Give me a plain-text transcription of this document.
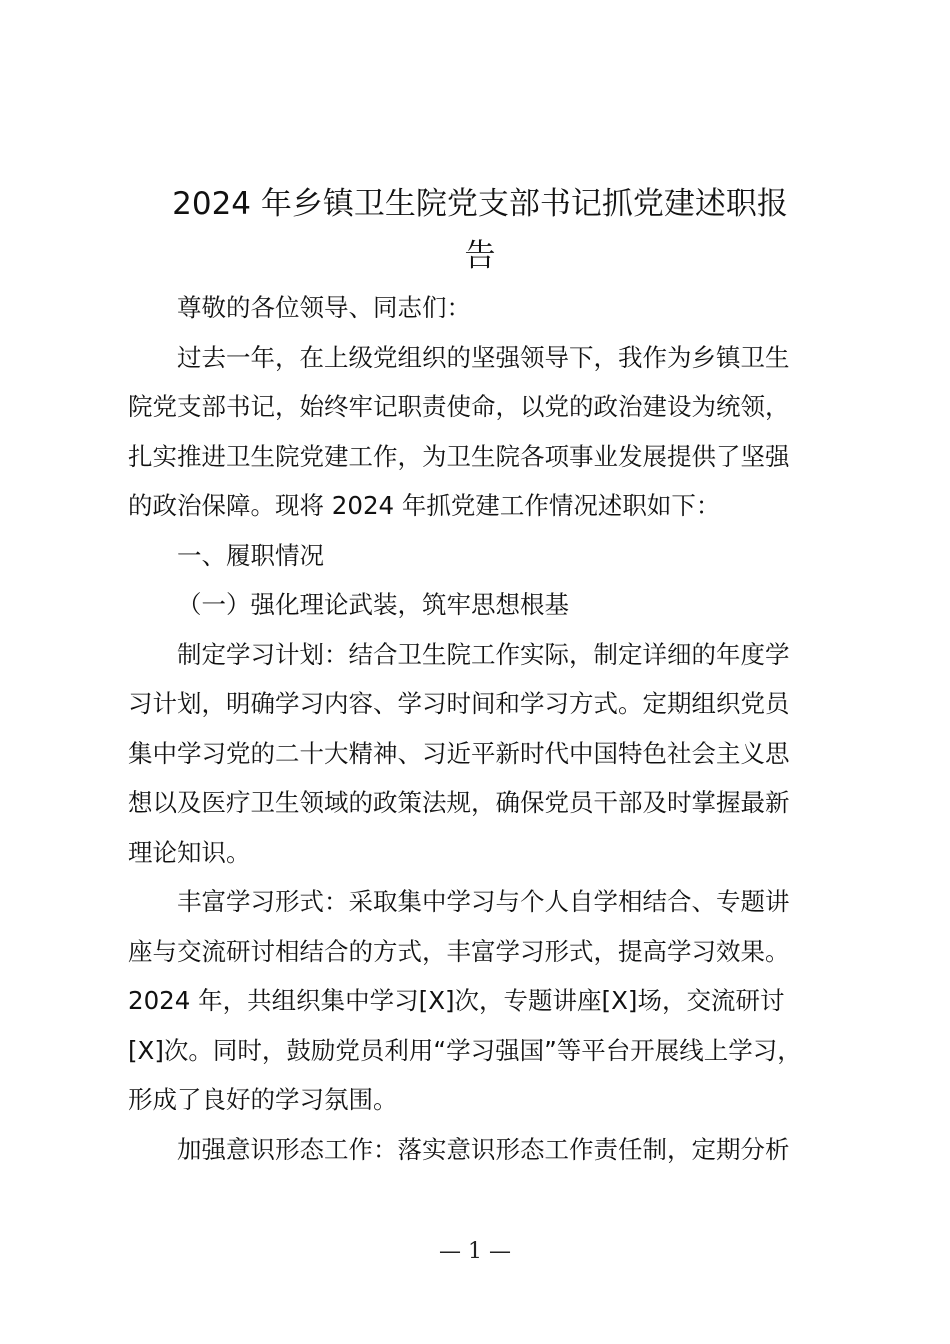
2024 年乡镇卫生院党支部书记抓党建述职报
告

尊敬的各位领导、同志们：

过去一年，在上级党组织的坚强领导下，我作为乡镇卫生
院党支部书记，始终牢记职责使命，以党的政治建设为统领，
扎实推进卫生院党建工作，为卫生院各项事业发展提供了坚强
的政治保障。现将 2024 年抓党建工作情况述职如下：

一、履职情况

（一）强化理论武装，筑牢思想根基

制定学习计划：结合卫生院工作实际，制定详细的年度学
习计划，明确学习内容、学习时间和学习方式。定期组织党员
集中学习党的二十大精神、习近平新时代中国特色社会主义思
想以及医疗卫生领域的政策法规，确保党员干部及时掌握最新
理论知识。

丰富学习形式：采取集中学习与个人自学相结合、专题讲
座与交流研讨相结合的方式，丰富学习形式，提高学习效果。
2024 年，共组织集中学习[X]次，专题讲座[X]场，交流研讨
[X]次。同时，鼓励党员利用“学习强国”等平台开展线上学习，
形成了良好的学习氛围。

加强意识形态工作：落实意识形态工作责任制，定期分析

— 1 —
